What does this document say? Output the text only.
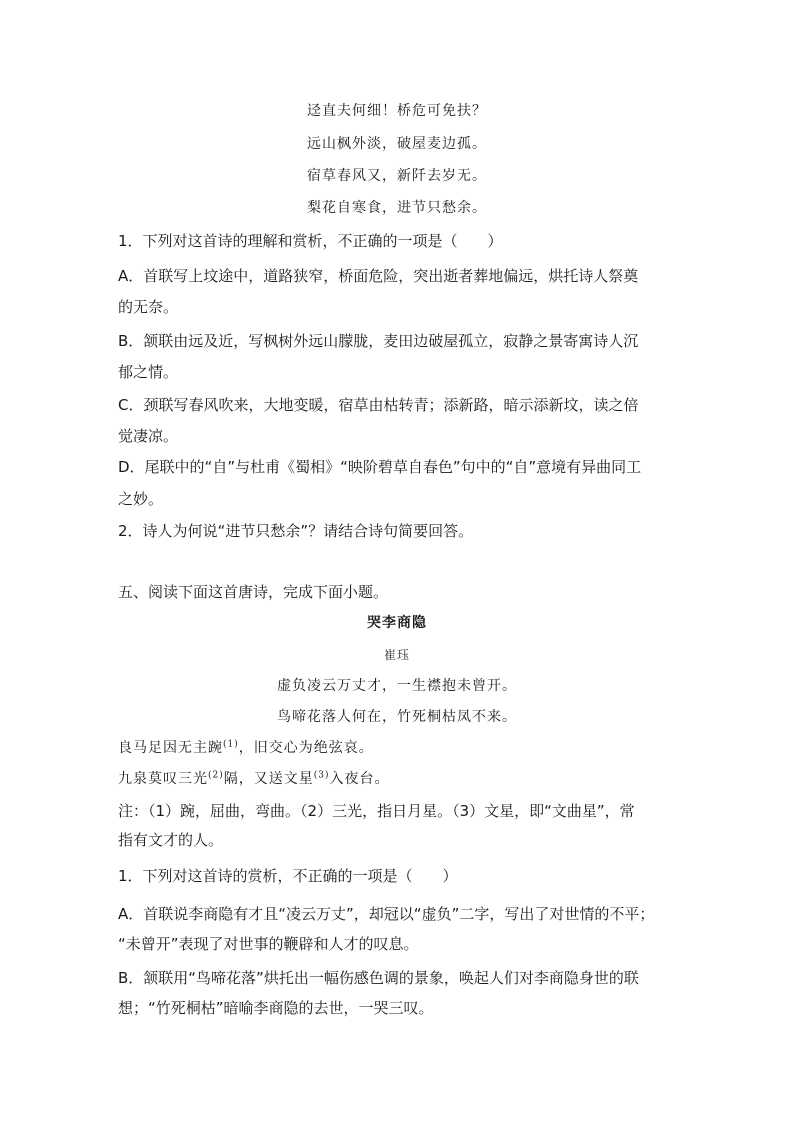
迳直夫何细！桥危可免扶？
远山枫外淡，破屋麦边孤。
宿草春风又，新阡去岁无。
梨花自寒食，进节只愁余。
1．下列对这首诗的理解和赏析，不正确的一项是（　　）
A．首联写上坟途中，道路狭窄，桥面危险，突出逝者葬地偏远，烘托诗人祭奠
的无奈。
B．颔联由远及近，写枫树外远山朦胧，麦田边破屋孤立，寂静之景寄寓诗人沉
郁之情。
C．颈联写春风吹来，大地变暖，宿草由枯转青；添新路，暗示添新坟，读之倍
觉凄凉。
D．尾联中的“自”与杜甫《蜀相》“映阶碧草自春色”句中的“自”意境有异曲同工
之妙。
2．诗人为何说“进节只愁余”？请结合诗句简要回答。
五、阅读下面这首唐诗，完成下面小题。
哭李商隐
崔珏
虚负凌云万丈才，一生襟抱未曾开。
鸟啼花落人何在，竹死桐枯凤不来。
良马足因无主踠$^{(1)}$，旧交心为绝弦哀。
九泉莫叹三光$^{(2)}$隔，又送文星$^{(3)}$入夜台。
注：（1）踠，屈曲，弯曲。（2）三光，指日月星。（3）文星，即“文曲星”，常
指有文才的人。
1．下列对这首诗的赏析，不正确的一项是（　　）
A．首联说李商隐有才且“凌云万丈”，却冠以“虚负”二字，写出了对世情的不平；
“未曾开”表现了对世事的鞭辟和人才的叹息。
B．颔联用“鸟啼花落”烘托出一幅伤感色调的景象，唤起人们对李商隐身世的联
想；“竹死桐枯”暗喻李商隐的去世，一哭三叹。
